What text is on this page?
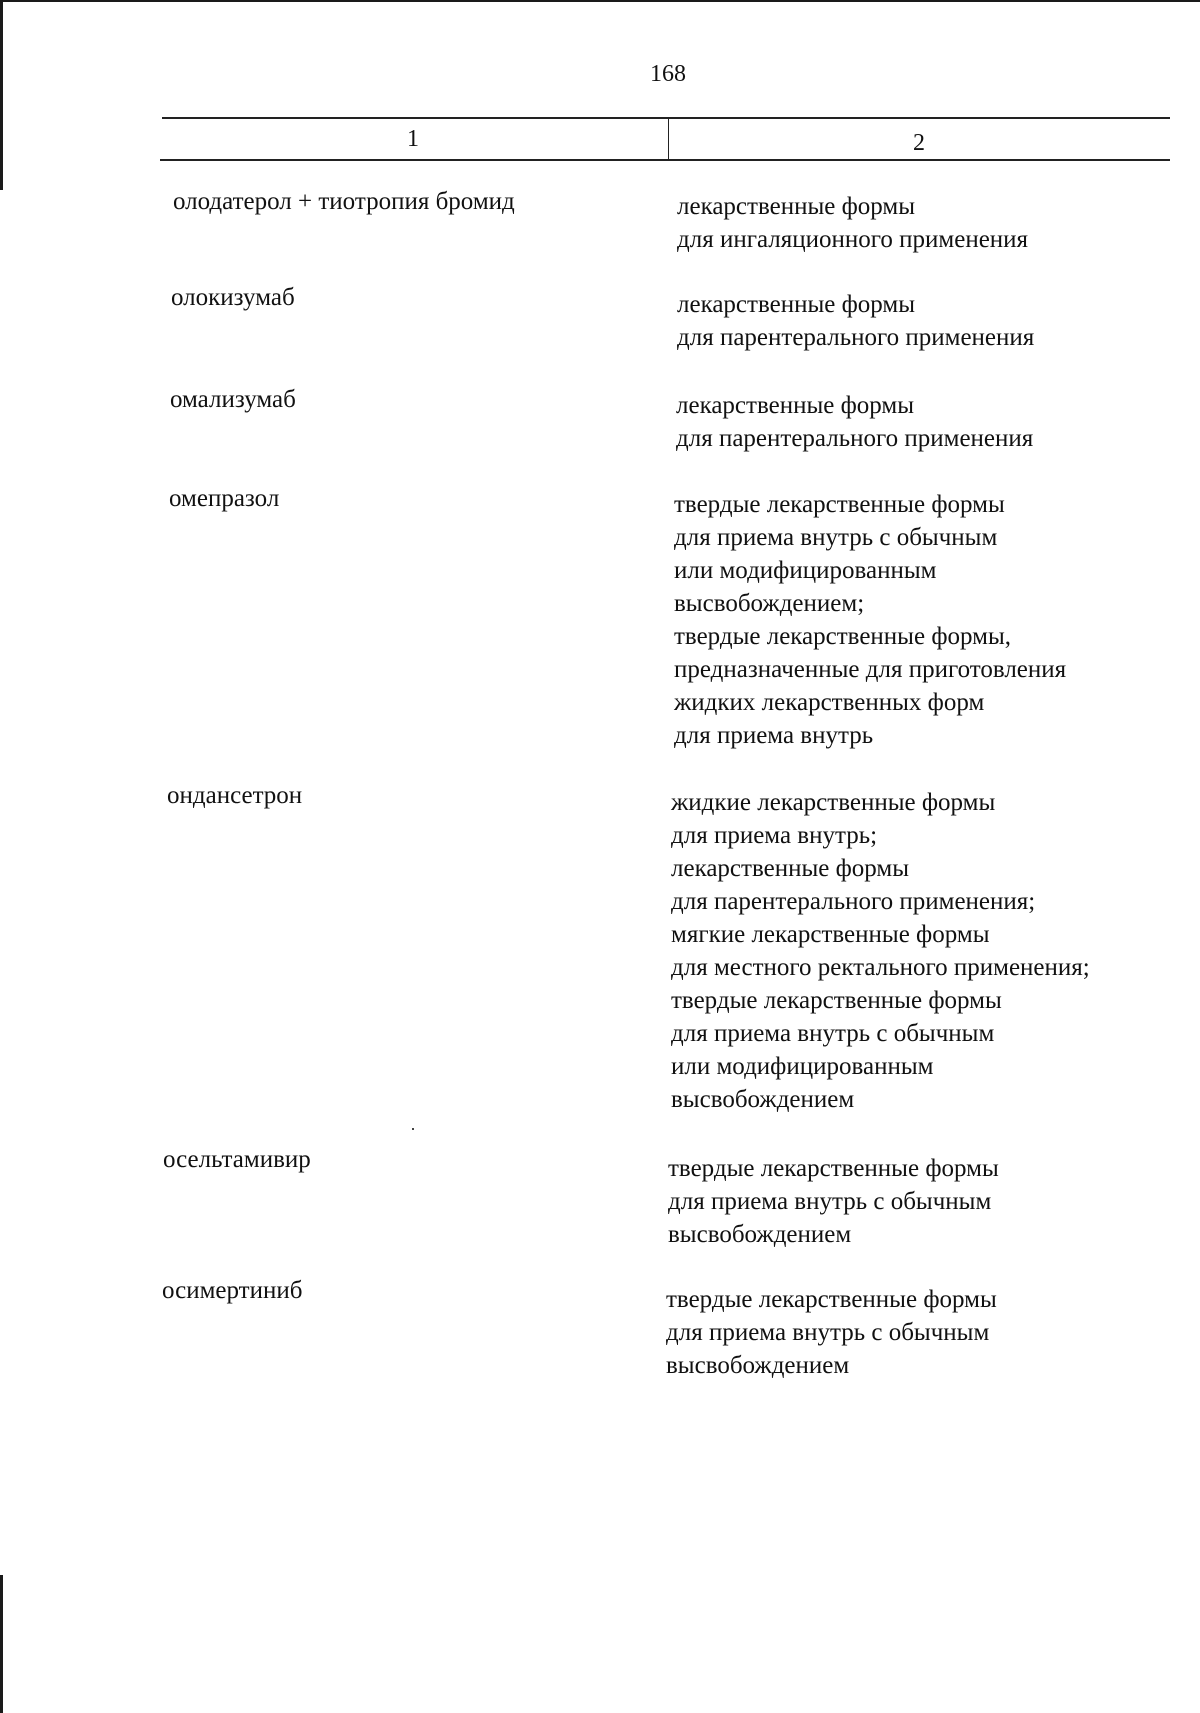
168
1	2
олодатерол + тиотропия бромид	лекарственные формы
для ингаляционного применения
олокизумаб	лекарственные формы
для парентерального применения
омализумаб	лекарственные формы
для парентерального применения
омепразол	твердые лекарственные формы
для приема внутрь с обычным
или модифицированным
высвобождением;
твердые лекарственные формы,
предназначенные для приготовления
жидких лекарственных форм
для приема внутрь
ондансетрон	жидкие лекарственные формы
для приема внутрь;
лекарственные формы
для парентерального применения;
мягкие лекарственные формы
для местного ректального применения;
твердые лекарственные формы
для приема внутрь с обычным
или модифицированным
высвобождением
осельтамивир	твердые лекарственные формы
для приема внутрь с обычным
высвобождением
осимертиниб	твердые лекарственные формы
для приема внутрь с обычным
высвобождением
